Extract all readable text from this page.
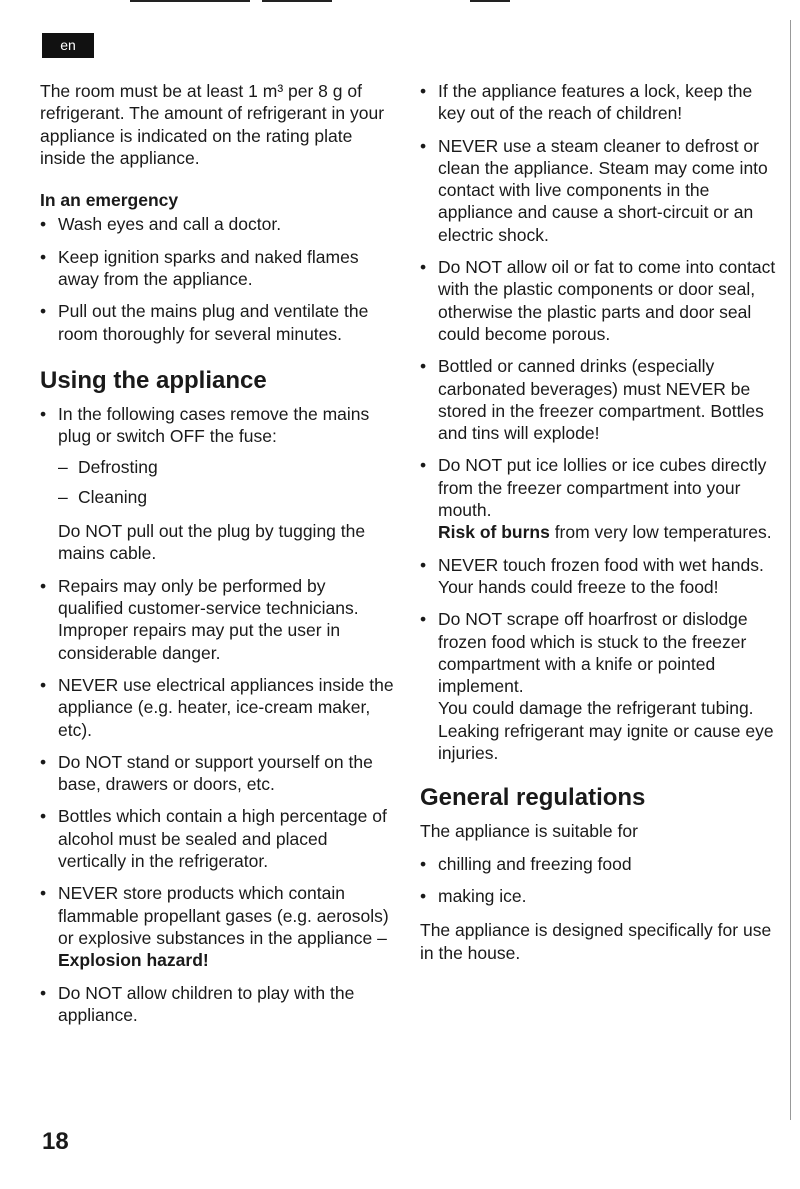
en

The room must be at least 1 m³ per 8 g of refrigerant. The amount of refrigerant in your appliance is indicated on the rating plate inside the appliance.

In an emergency

• Wash eyes and call a doctor.

• Keep ignition sparks and naked flames away from the appliance.

• Pull out the mains plug and ventilate the room thoroughly for several minutes.

Using the appliance

• In the following cases remove the mains plug or switch OFF the fuse:

– Defrosting

– Cleaning

Do NOT pull out the plug by tugging the mains cable.

• Repairs may only be performed by qualified customer-service technicians. Improper repairs may put the user in considerable danger.

• NEVER use electrical appliances inside the appliance (e.g. heater, ice-cream maker, etc).

• Do NOT stand or support yourself on the base, drawers or doors, etc.

• Bottles which contain a high percentage of alcohol must be sealed and placed vertically in the refrigerator.

• NEVER store products which contain flammable propellant gases (e.g. aerosols) or explosive substances in the appliance – Explosion hazard!

• Do NOT allow children to play with the appliance.

• If the appliance features a lock, keep the key out of the reach of children!

• NEVER use a steam cleaner to defrost or clean the appliance. Steam may come into contact with live components in the appliance and cause a short-circuit or an electric shock.

• Do NOT allow oil or fat to come into contact with the plastic components or door seal, otherwise the plastic parts and door seal could become porous.

• Bottled or canned drinks (especially carbonated beverages) must NEVER be stored in the freezer compartment. Bottles and tins will explode!

• Do NOT put ice lollies or ice cubes directly from the freezer compartment into your mouth.
Risk of burns from very low temperatures.

• NEVER touch frozen food with wet hands. Your hands could freeze to the food!

• Do NOT scrape off hoarfrost or dislodge frozen food which is stuck to the freezer compartment with a knife or pointed implement.
You could damage the refrigerant tubing.
Leaking refrigerant may ignite or cause eye injuries.

General regulations

The appliance is suitable for

• chilling and freezing food

• making ice.

The appliance is designed specifically for use in the house.

18
